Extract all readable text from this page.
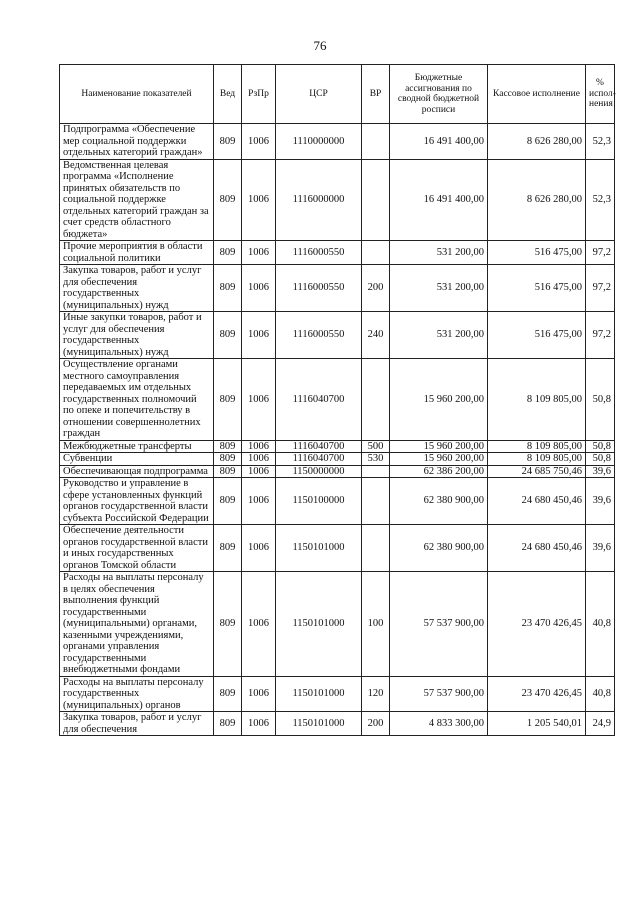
76
Наименование показателей	Вед	РзПр	ЦСР	ВР	Бюджетные ассигнования по сводной бюджетной росписи	Кассовое исполнение	% испол-нения
Подпрограмма «Обеспечение мер социальной поддержки отдельных категорий граждан»	809	1006	1110000000		16 491 400,00	8 626 280,00	52,3
Ведомственная целевая программа «Исполнение принятых обязательств по социальной поддержке отдельных категорий граждан за счет средств областного бюджета»	809	1006	1116000000		16 491 400,00	8 626 280,00	52,3
Прочие мероприятия в области социальной политики	809	1006	1116000550		531 200,00	516 475,00	97,2
Закупка товаров, работ и услуг для обеспечения государственных (муниципальных) нужд	809	1006	1116000550	200	531 200,00	516 475,00	97,2
Иные закупки товаров, работ и услуг для обеспечения государственных (муниципальных) нужд	809	1006	1116000550	240	531 200,00	516 475,00	97,2
Осуществление органами местного самоуправления передаваемых им отдельных государственных полномочий по опеке и попечительству в отношении совершеннолетних граждан	809	1006	1116040700		15 960 200,00	8 109 805,00	50,8
Межбюджетные трансферты	809	1006	1116040700	500	15 960 200,00	8 109 805,00	50,8
Субвенции	809	1006	1116040700	530	15 960 200,00	8 109 805,00	50,8
Обеспечивающая подпрограмма	809	1006	1150000000		62 386 200,00	24 685 750,46	39,6
Руководство и управление в сфере установленных функций органов государственной власти субъекта Российской Федерации	809	1006	1150100000		62 380 900,00	24 680 450,46	39,6
Обеспечение деятельности органов государственной власти и иных государственных органов Томской области	809	1006	1150101000		62 380 900,00	24 680 450,46	39,6
Расходы на выплаты персоналу в целях обеспечения выполнения функций государственными (муниципальными) органами, казенными учреждениями, органами управления государственными внебюджетными фондами	809	1006	1150101000	100	57 537 900,00	23 470 426,45	40,8
Расходы на выплаты персоналу государственных (муниципальных) органов	809	1006	1150101000	120	57 537 900,00	23 470 426,45	40,8
Закупка товаров, работ и услуг для обеспечения	809	1006	1150101000	200	4 833 300,00	1 205 540,01	24,9
